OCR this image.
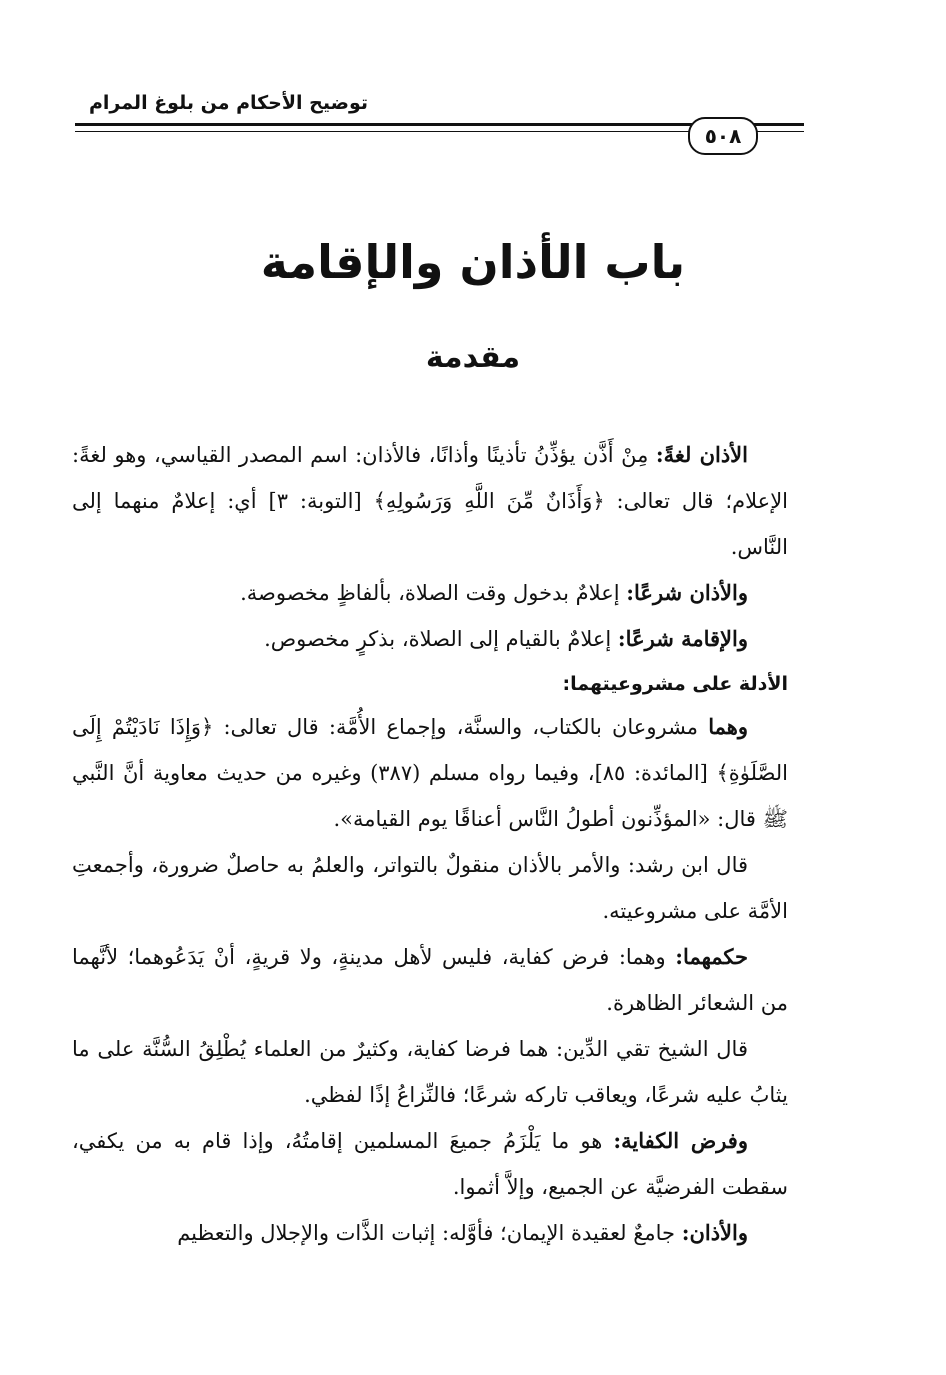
توضيح الأحكام من بلوغ المرام
٥٠٨
باب الأذان والإقامة
مقدمة

الأذان لغةً: مِنْ أَذَّن يؤذِّنُ تأذينًا وأذانًا، فالأذان: اسم المصدر القياسي، وهو لغةً: الإعلام؛ قال تعالى: ﴿وَأَذَانٌ مِّنَ اللَّهِ وَرَسُولِهِ﴾ [التوبة: ٣] أي: إعلامٌ منهما إلى النَّاس.

والأذان شرعًا: إعلامٌ بدخول وقت الصلاة، بألفاظٍ مخصوصة.

والإقامة شرعًا: إعلامٌ بالقيام إلى الصلاة، بذكرٍ مخصوص.

الأدلة على مشروعيتهما:

وهما مشروعان بالكتاب، والسنَّة، وإجماع الأُمَّة: قال تعالى: ﴿وَإِذَا نَادَيْتُمْ إِلَى الصَّلَوٰةِ﴾ [المائدة: ٨٥]، وفيما رواه مسلم (٣٨٧) وغيره من حديث معاوية أنَّ النَّبي ﷺ قال: «المؤذِّنون أطولُ النَّاس أعناقًا يوم القيامة».

قال ابن رشد: والأمر بالأذان منقولٌ بالتواتر، والعلمُ به حاصلٌ ضرورة، وأجمعتِ الأمَّة على مشروعيته.

حكمهما: وهما: فرض كفاية، فليس لأهل مدينةٍ، ولا قريةٍ، أنْ يَدَعُوهما؛ لأنَّهما من الشعائر الظاهرة.

قال الشيخ تقي الدِّين: هما فرضا كفاية، وكثيرٌ من العلماء يُطْلِقُ السُّنَّة على ما يثابُ عليه شرعًا، ويعاقب تاركه شرعًا؛ فالنِّزاعُ إذًا لفظي.

وفرض الكفاية: هو ما يَلْزَمُ جميعَ المسلمين إقامتُهُ، وإذا قام به من يكفي، سقطت الفرضيَّة عن الجميع، وإلاَّ أثموا.

والأذان: جامعٌ لعقيدة الإيمان؛ فأوَّله: إثبات الذَّات والإجلال والتعظيم
